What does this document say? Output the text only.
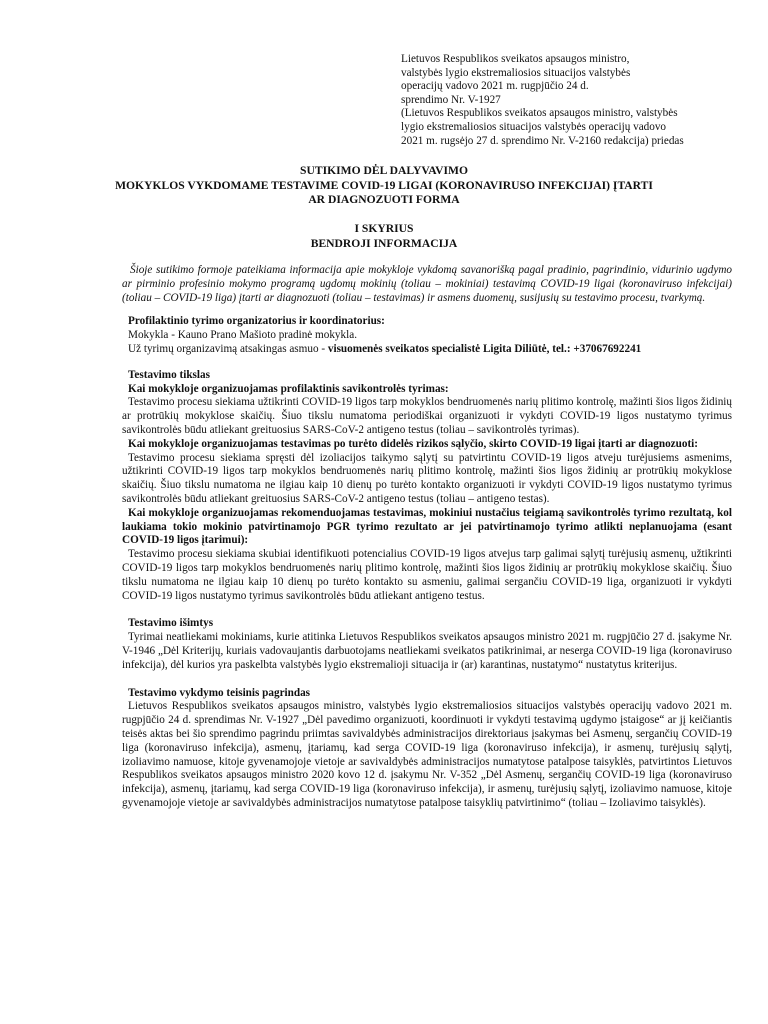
Lietuvos Respublikos sveikatos apsaugos ministro,
valstybės lygio ekstremaliosios situacijos valstybės
operacijų vadovo 2021 m. rugpjūčio 24 d.
sprendimo Nr. V-1927
(Lietuvos Respublikos sveikatos apsaugos ministro, valstybės
lygio ekstremaliosios situacijos valstybės operacijų vadovo
2021 m. rugsėjo 27 d. sprendimo Nr. V-2160 redakcija) priedas
SUTIKIMO DĖL DALYVAVIMO
MOKYKLOS VYKDOMAME TESTAVIME COVID-19 LIGAI (KORONAVIRUSO INFEKCIJAI) ĮTARTI
AR DIAGNOZUOTI FORMA
I SKYRIUS
BENDROJI INFORMACIJA

Šioje sutikimo formoje pateikiama informacija apie mokykloje vykdomą savanorišką pagal pradinio, pagrindinio, vidurinio ugdymo ar pirminio profesinio mokymo programą ugdomų mokinių (toliau – mokiniai) testavimą COVID-19 ligai (koronaviruso infekcijai) (toliau – COVID-19 liga) įtarti ar diagnozuoti (toliau – testavimas) ir asmens duomenų, susijusių su testavimo procesu, tvarkymą.

Profilaktinio tyrimo organizatorius ir koordinatorius:
Mokykla - Kauno Prano Mašioto pradinė mokykla.
Už tyrimų organizavimą atsakingas asmuo - visuomenės sveikatos specialistė Ligita Diliūtė, tel.: +37067692241
Testavimo tikslas

Kai mokykloje organizuojamas profilaktinis savikontrolės tyrimas:

Testavimo procesu siekiama užtikrinti COVID-19 ligos tarp mokyklos bendruomenės narių plitimo kontrolę, mažinti šios ligos židinių ar protrūkių mokyklose skaičių. Šiuo tikslu numatoma periodiškai organizuoti ir vykdyti COVID-19 ligos nustatymo tyrimus savikontrolės būdu atliekant greituosius SARS-CoV-2 antigeno testus (toliau – savikontrolės tyrimas).

Kai mokykloje organizuojamas testavimas po turėto didelės rizikos sąlyčio, skirto COVID-19 ligai įtarti ar diagnozuoti:

Testavimo procesu siekiama spręsti dėl izoliacijos taikymo sąlytį su patvirtintu COVID-19 ligos atveju turėjusiems asmenims, užtikrinti COVID-19 ligos tarp mokyklos bendruomenės narių plitimo kontrolę, mažinti šios ligos židinių ar protrūkių mokyklose skaičių. Šiuo tikslu numatoma ne ilgiau kaip 10 dienų po turėto kontakto organizuoti ir vykdyti COVID-19 ligos nustatymo tyrimus savikontrolės būdu atliekant greituosius SARS-CoV-2 antigeno testus (toliau – antigeno testas).

Kai mokykloje organizuojamas rekomenduojamas testavimas, mokiniui nustačius teigiamą savikontrolės tyrimo rezultatą, kol laukiama tokio mokinio patvirtinamojo PGR tyrimo rezultato ar jei patvirtinamojo tyrimo atlikti neplanuojama (esant COVID-19 ligos įtarimui):

Testavimo procesu siekiama skubiai identifikuoti potencialius COVID-19 ligos atvejus tarp galimai sąlytį turėjusių asmenų, užtikrinti COVID-19 ligos tarp mokyklos bendruomenės narių plitimo kontrolę, mažinti šios ligos židinių ar protrūkių mokyklose skaičių. Šiuo tikslu numatoma ne ilgiau kaip 10 dienų po turėto kontakto su asmeniu, galimai sergančiu COVID-19 liga, organizuoti ir vykdyti COVID-19 ligos nustatymo tyrimus savikontrolės būdu atliekant antigeno testus.

Testavimo išimtys

Tyrimai neatliekami mokiniams, kurie atitinka Lietuvos Respublikos sveikatos apsaugos ministro 2021 m. rugpjūčio 27 d. įsakyme Nr. V-1946 „Dėl Kriterijų, kuriais vadovaujantis darbuotojams neatliekami sveikatos patikrinimai, ar neserga COVID-19 liga (koronaviruso infekcija), dėl kurios yra paskelbta valstybės lygio ekstremalioji situacija ir (ar) karantinas, nustatymo“ nustatytus kriterijus.

Testavimo vykdymo teisinis pagrindas

Lietuvos Respublikos sveikatos apsaugos ministro, valstybės lygio ekstremaliosios situacijos valstybės operacijų vadovo 2021 m. rugpjūčio 24 d. sprendimas Nr. V-1927 „Dėl pavedimo organizuoti, koordinuoti ir vykdyti testavimą ugdymo įstaigose“ ar jį keičiantis teisės aktas bei šio sprendimo pagrindu priimtas savivaldybės administracijos direktoriaus įsakymas bei Asmenų, sergančių COVID-19 liga (koronaviruso infekcija), asmenų, įtariamų, kad serga COVID-19 liga (koronaviruso infekcija), ir asmenų, turėjusių sąlytį, izoliavimo namuose, kitoje gyvenamojoje vietoje ar savivaldybės administracijos numatytose patalpose taisyklės, patvirtintos Lietuvos Respublikos sveikatos apsaugos ministro 2020 kovo 12 d. įsakymu Nr. V-352 „Dėl Asmenų, sergančių COVID-19 liga (koronaviruso infekcija), asmenų, įtariamų, kad serga COVID-19 liga (koronaviruso infekcija), ir asmenų, turėjusių sąlytį, izoliavimo namuose, kitoje gyvenamojoje vietoje ar savivaldybės administracijos numatytose patalpose taisyklių patvirtinimo“ (toliau – Izoliavimo taisyklės).
